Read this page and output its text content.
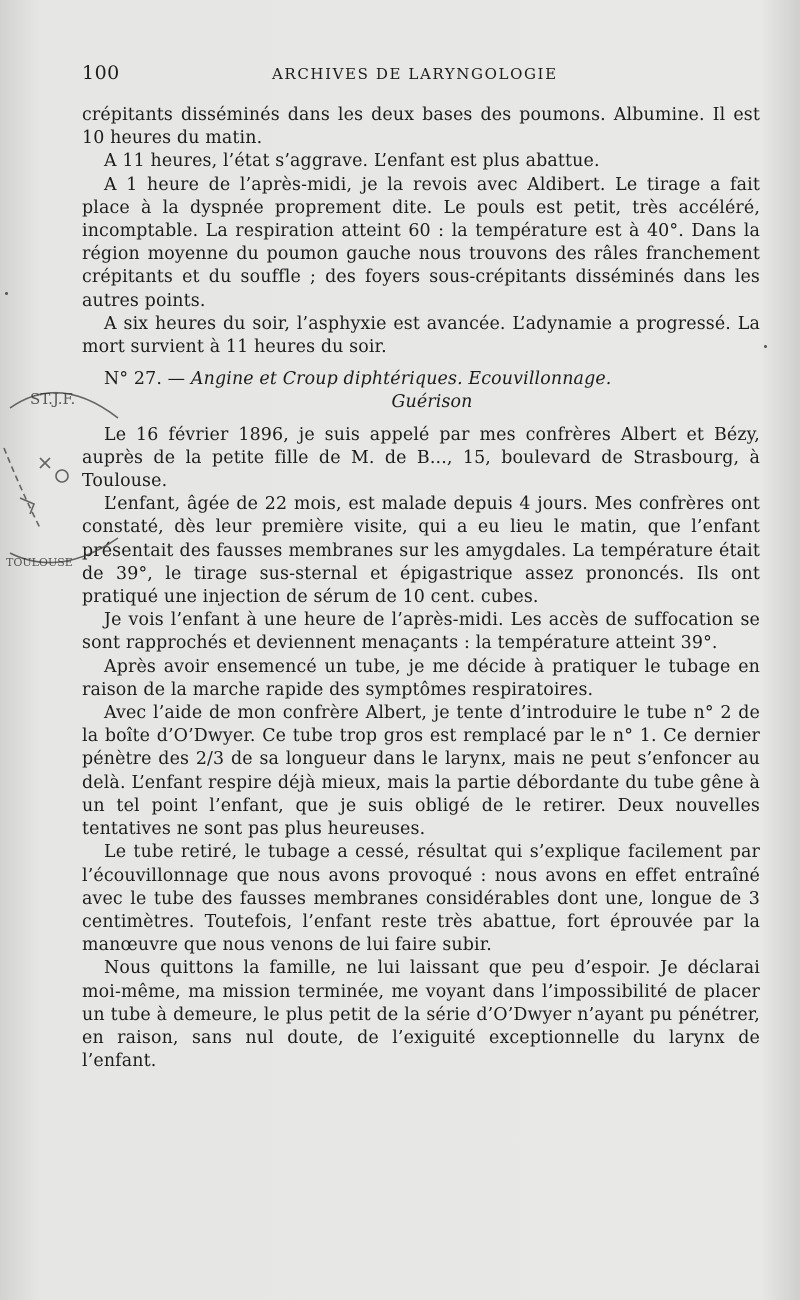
100	ARCHIVES DE LARYNGOLOGIE

crépitants disséminés dans les deux bases des poumons. Albumine. Il est 10 heures du matin.

A 11 heures, l’état s’aggrave. L’enfant est plus abattue.

A 1 heure de l’après-midi, je la revois avec Aldibert. Le tirage a fait place à la dyspnée proprement dite. Le pouls est petit, très accéléré, incomptable. La respiration atteint 60 : la température est à 40°. Dans la région moyenne du poumon gauche nous trouvons des râles franchement crépitants et du souffle ; des foyers sous-crépitants disséminés dans les autres points.

A six heures du soir, l’asphyxie est avancée. L’adynamie a progressé. La mort survient à 11 heures du soir.

N° 27. — Angine et Croup diphtériques. Ecouvillonnage.
Guérison

Le 16 février 1896, je suis appelé par mes confrères Albert et Bézy, auprès de la petite fille de M. de B..., 15, boulevard de Strasbourg, à Toulouse.

L’enfant, âgée de 22 mois, est malade depuis 4 jours. Mes confrères ont constaté, dès leur première visite, qui a eu lieu le matin, que l’enfant présentait des fausses membranes sur les amygdales. La température était de 39°, le tirage sus-sternal et épigastrique assez prononcés. Ils ont pratiqué une injection de sérum de 10 cent. cubes.

Je vois l’enfant à une heure de l’après-midi. Les accès de suffocation se sont rapprochés et deviennent menaçants : la température atteint 39°.

Après avoir ensemencé un tube, je me décide à pratiquer le tubage en raison de la marche rapide des symptômes respiratoires.

Avec l’aide de mon confrère Albert, je tente d’introduire le tube n° 2 de la boîte d’O’Dwyer. Ce tube trop gros est remplacé par le n° 1. Ce dernier pénètre des 2/3 de sa longueur dans le larynx, mais ne peut s’enfoncer au delà. L’enfant respire déjà mieux, mais la partie débordante du tube gêne à un tel point l’enfant, que je suis obligé de le retirer. Deux nouvelles tentatives ne sont pas plus heureuses.

Le tube retiré, le tubage a cessé, résultat qui s’explique facilement par l’écouvillonnage que nous avons provoqué : nous avons en effet entraîné avec le tube des fausses membranes considérables dont une, longue de 3 centimètres. Toutefois, l’enfant reste très abattue, fort éprouvée par la manœuvre que nous venons de lui faire subir.

Nous quittons la famille, ne lui laissant que peu d’espoir. Je déclarai moi-même, ma mission terminée, me voyant dans l’impossibilité de placer un tube à demeure, le plus petit de la série d’O’Dwyer n’ayant pu pénétrer, en raison, sans nul doute, de l’exiguité exceptionnelle du larynx de l’enfant.

ST.J.F.
TOULOUSE
